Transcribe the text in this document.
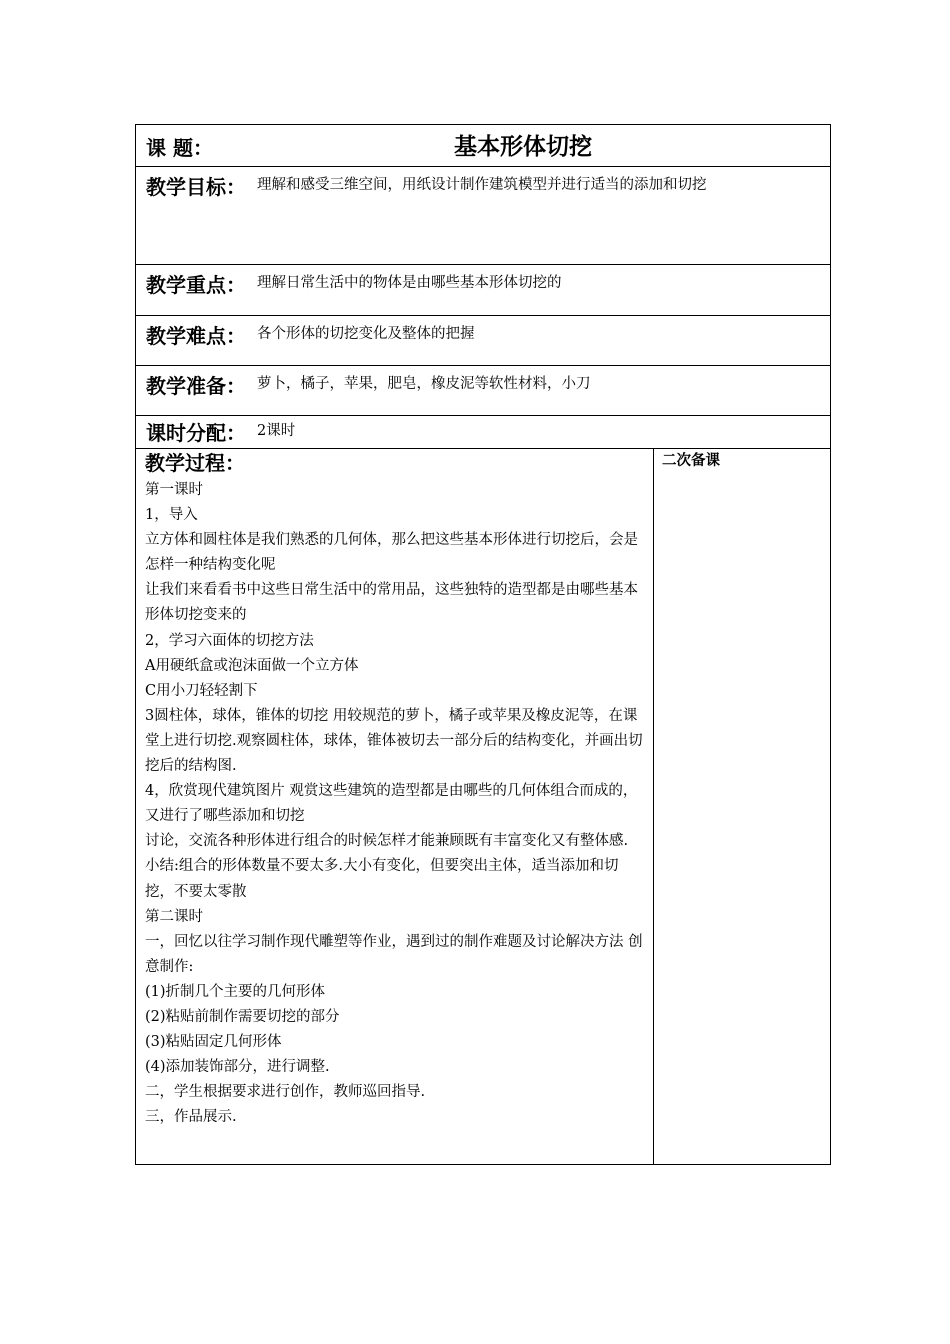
课 题：	基本形体切挖
教学目标： 理解和感受三维空间，用纸设计制作建筑模型并进行适当的添加和切挖
教学重点： 理解日常生活中的物体是由哪些基本形体切挖的
教学难点： 各个形体的切挖变化及整体的把握
教学准备： 萝卜，橘子，苹果，肥皂，橡皮泥等软性材料，小刀
课时分配： 2课时
教学过程：
第一课时
1，导入
立方体和圆柱体是我们熟悉的几何体，那么把这些基本形体进行切挖后，会是怎样一种结构变化呢
让我们来看看书中这些日常生活中的常用品，这些独特的造型都是由哪些基本形体切挖变来的
2，学习六面体的切挖方法
A用硬纸盒或泡沫面做一个立方体
C用小刀轻轻割下
3圆柱体，球体，锥体的切挖 用较规范的萝卜，橘子或苹果及橡皮泥等，在课堂上进行切挖.观察圆柱体，球体，锥体被切去一部分后的结构变化，并画出切挖后的结构图.
4，欣赏现代建筑图片 观赏这些建筑的造型都是由哪些的几何体组合而成的，又进行了哪些添加和切挖
讨论，交流各种形体进行组合的时候怎样才能兼顾既有丰富变化又有整体感.
小结:组合的形体数量不要太多.大小有变化，但要突出主体，适当添加和切挖，不要太零散
第二课时
一，回忆以往学习制作现代雕塑等作业，遇到过的制作难题及讨论解决方法 创意制作:
(1)折制几个主要的几何形体
(2)粘贴前制作需要切挖的部分
(3)粘贴固定几何形体
(4)添加装饰部分，进行调整.
二，学生根据要求进行创作，教师巡回指导.
三，作品展示.
二次备课
